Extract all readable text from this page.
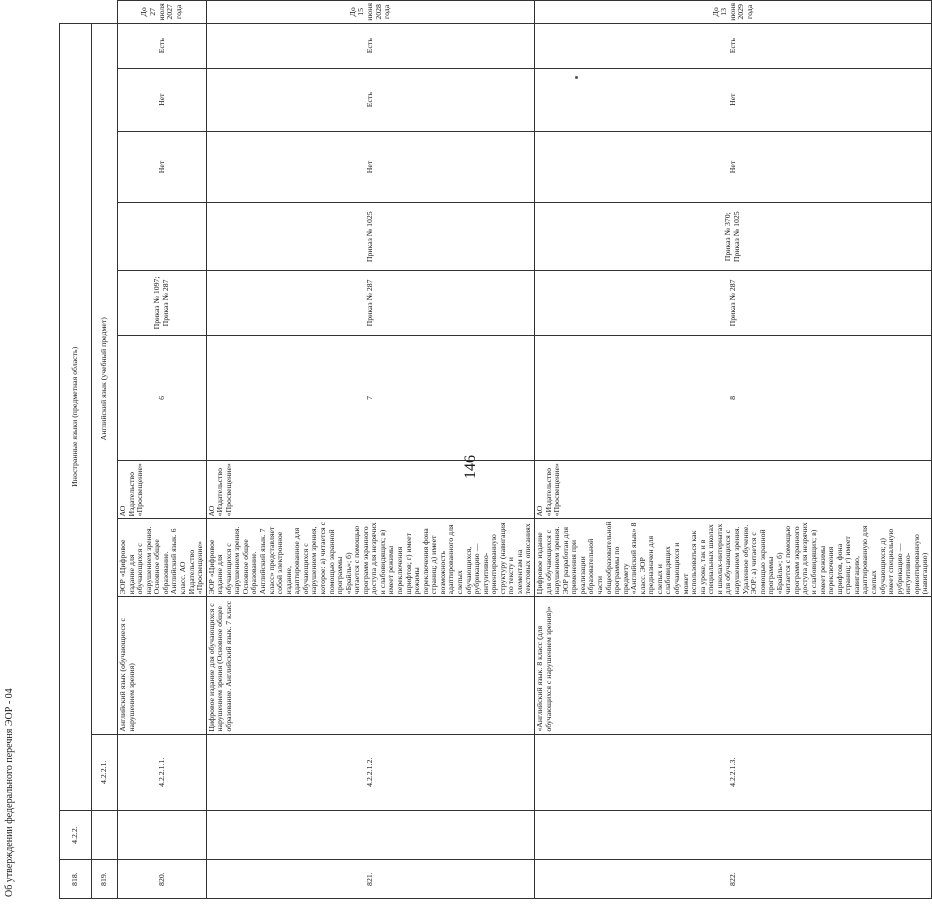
146
Об утверждении федерального перечня ЭОР - 04	818.	4.2.2.	Иностранные языки (предметная область)										
819.		4.2.2.1.	Английский язык (учебный предмет)									
820.		4.2.2.1.1.	Английский язык (обучающиеся с нарушением зрения)	ЭОР «Цифровое издание для обучающихся с нарушением зрения. Основное общее образование. Английский язык. 6 класс. АО Издательство «Просвещение»	АО Издательство «Просвещение»	6	Приказ № 1097; Приказ № 287		Нет	Нет	Есть	До 27 июля 2027 года
821.		4.2.2.1.2.	Цифровое издание для обучающихся с нарушением зрения (Основное общее образование. Английский язык. 7 класс	ЭОР «Цифровое издание для обучающихся с нарушением зрения. Основное общее образование. Английский язык. 7 класс» представляет собой электронное издание, адаптированное для обучающихся с нарушением зрения, которое: а) читается с помощью экранной программы «Брайль»; б) читается с помощью программ экранного доступа для незрячих и слабовидящих; в) имеет режимы переключения шрифтов; г) имеет режимы переключения фона страниц; д) имеет возможность адаптированного для слепых обучающихся, рубрикацию — интуитивно-ориентированную структуру (навигация по тексту и элементам на текстовых описаниях	АО «Издательство «Просвещение»	7	Приказ № 287	Приказ № 1025	Нет	Есть	Есть	До 15 июня 2028 года
822.		4.2.2.1.3.	«Английский язык. 8 класс (для обучающихся с нарушением зрения)»	Цифровое издание для обучающихся с нарушением зрения. ЭОР разработан для применения при реализации образовательной части общеобразовательной программы по предмету «Английский язык» 8 класс. ЭОР предназначен для слепых и слабовидящих обучающихся и может использоваться как на уроке, так и в специальных школах и школах-интернатах для обучающихся с нарушением зрения. Удаленное обучение. ЭОР: а) читается с помощью экранной программы «Брайль»; б) читается с помощью программ экранного доступа для незрячих и слабовидящих; в) имеет режимы переключения шрифтов, фона страниц; г) имеет навигацию, адаптированную для слепых обучающихся; д) имеет специальную рубрикацию — интуитивно-ориентированную (навигацию)	АО «Издательство «Просвещение»	8	Приказ № 287	Приказ № 370; Приказ № 1025	Нет	Нет	Есть	До 13 июня 2029 года
